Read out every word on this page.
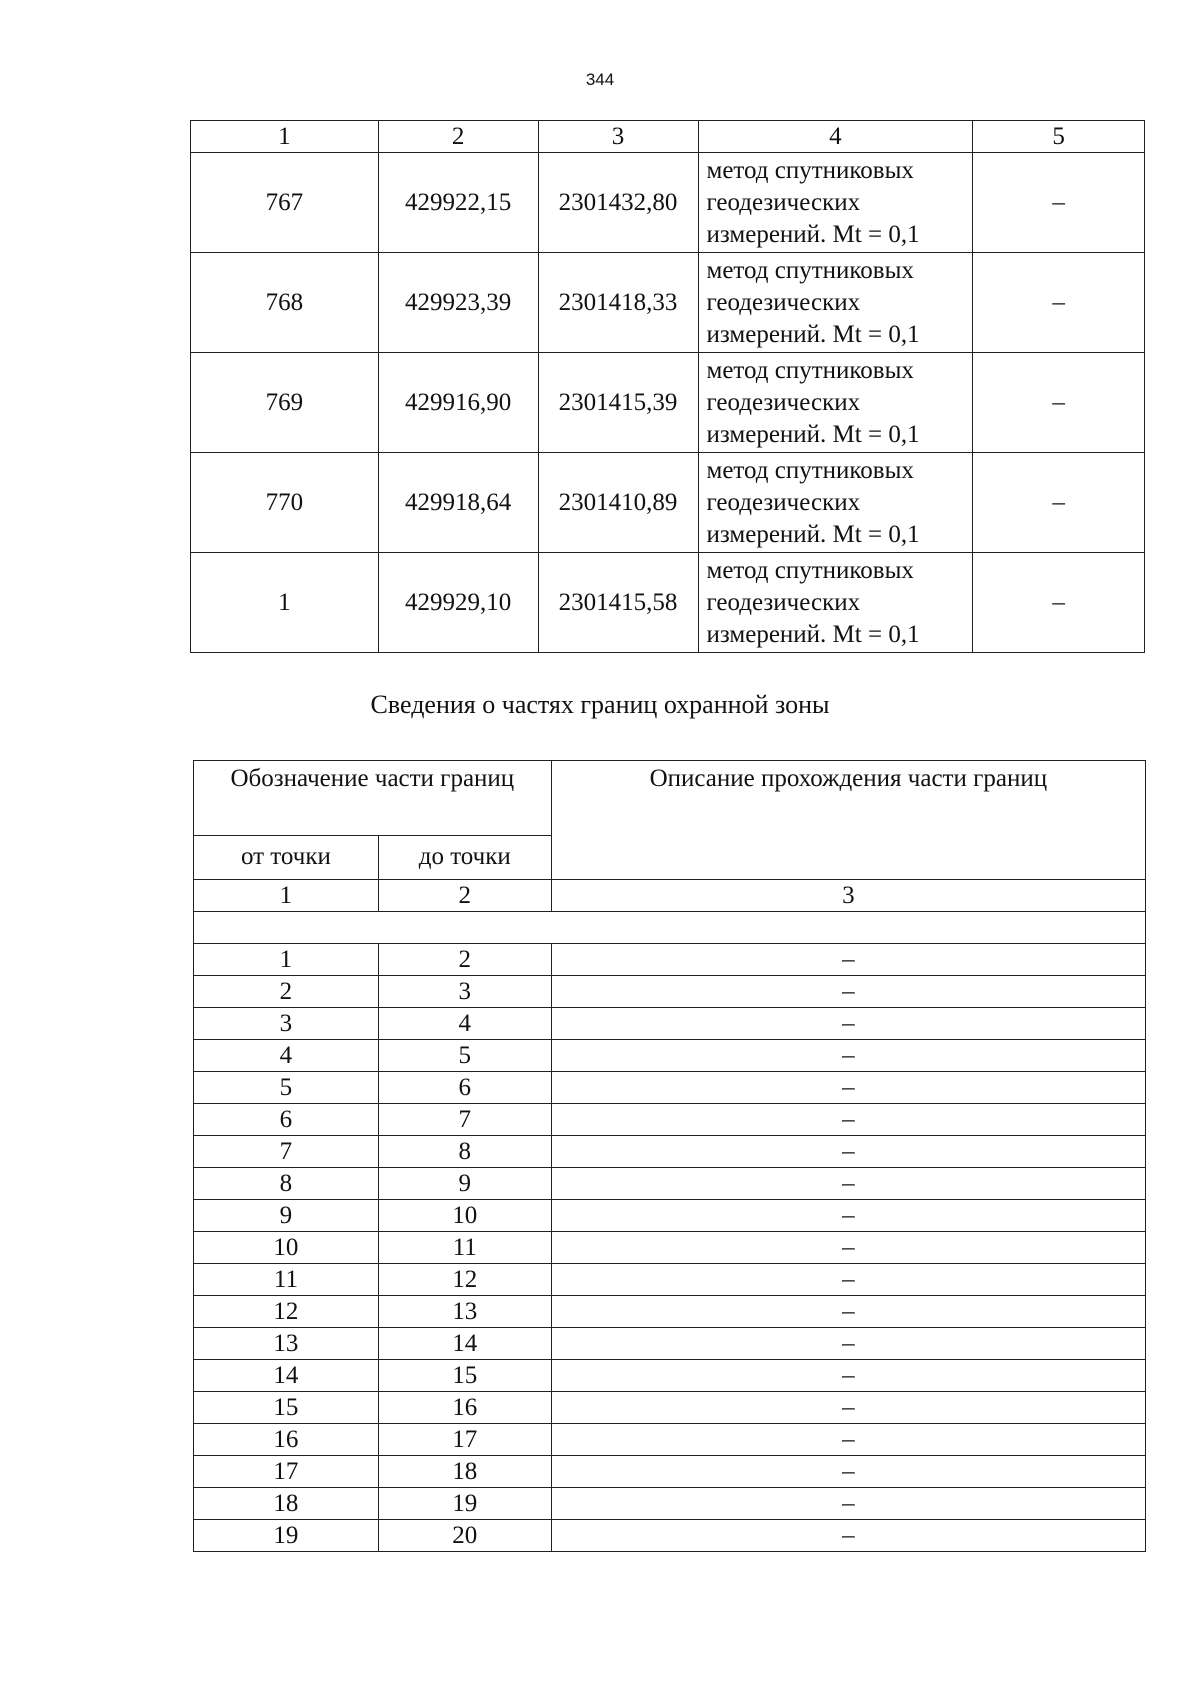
344
1	2	3	4	5
767	429922,15	2301432,80	метод спутниковых
геодезических
измерений. Mt = 0,1	–
768	429923,39	2301418,33	метод спутниковых
геодезических
измерений. Mt = 0,1	–
769	429916,90	2301415,39	метод спутниковых
геодезических
измерений. Mt = 0,1	–
770	429918,64	2301410,89	метод спутниковых
геодезических
измерений. Mt = 0,1	–
1	429929,10	2301415,58	метод спутниковых
геодезических
измерений. Mt = 0,1	–
Сведения о частях границ охранной зоны
Обозначение части границ		Описание прохождения части границ
от точки	до точки	
1	2	3

1	2	–
2	3	–
3	4	–
4	5	–
5	6	–
6	7	–
7	8	–
8	9	–
9	10	–
10	11	–
11	12	–
12	13	–
13	14	–
14	15	–
15	16	–
16	17	–
17	18	–
18	19	–
19	20	–
